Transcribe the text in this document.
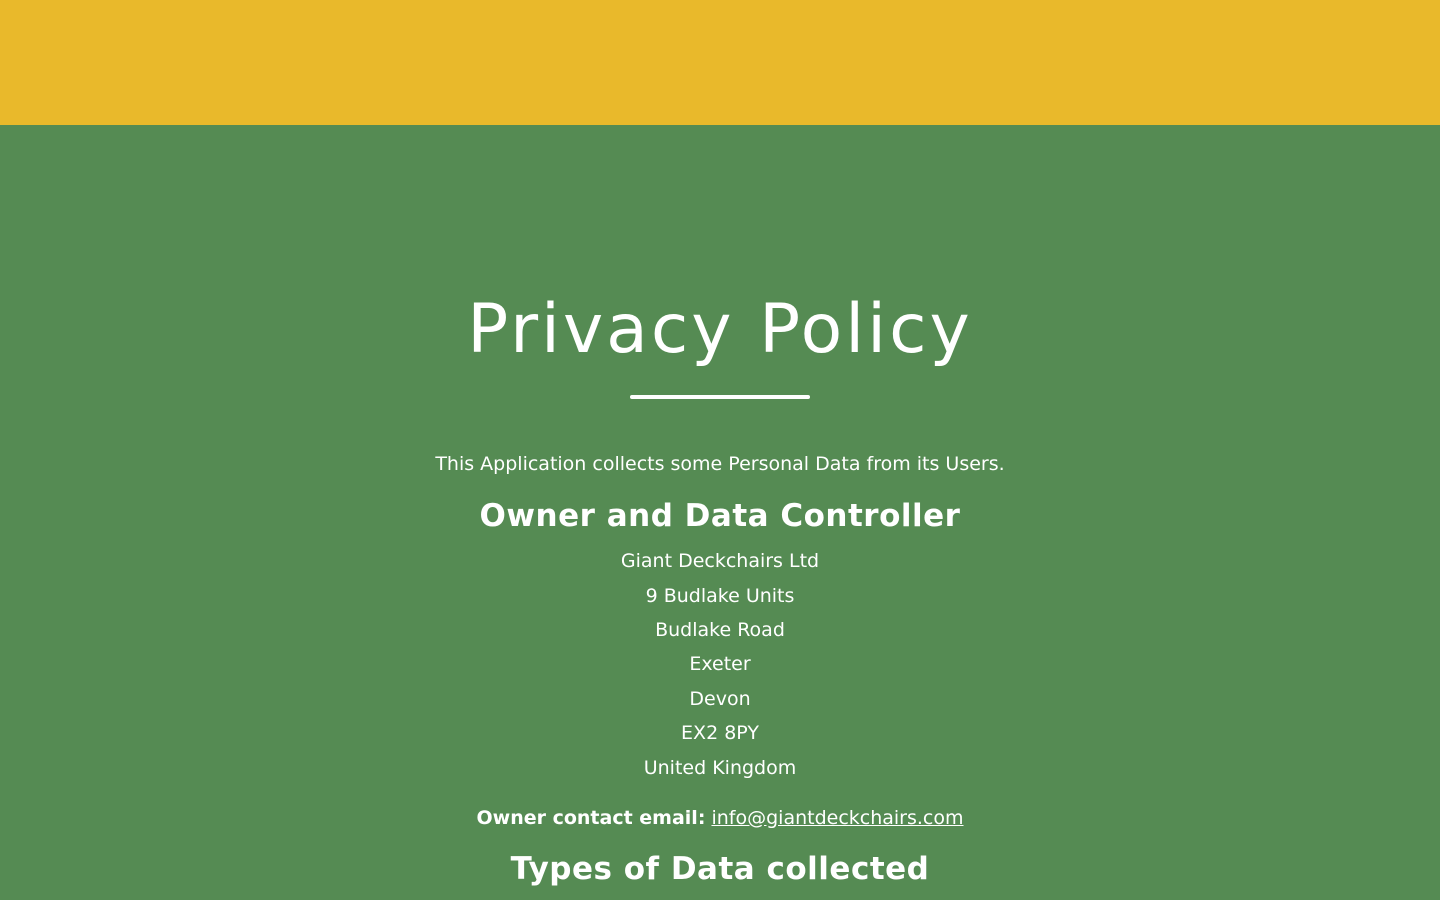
Privacy Policy
This Application collects some Personal Data from its Users.
Owner and Data Controller
Giant Deckchairs Ltd
9 Budlake Units
Budlake Road
Exeter
Devon
EX2 8PY
United Kingdom
Owner contact email: info@giantdeckchairs.com
Types of Data collected
